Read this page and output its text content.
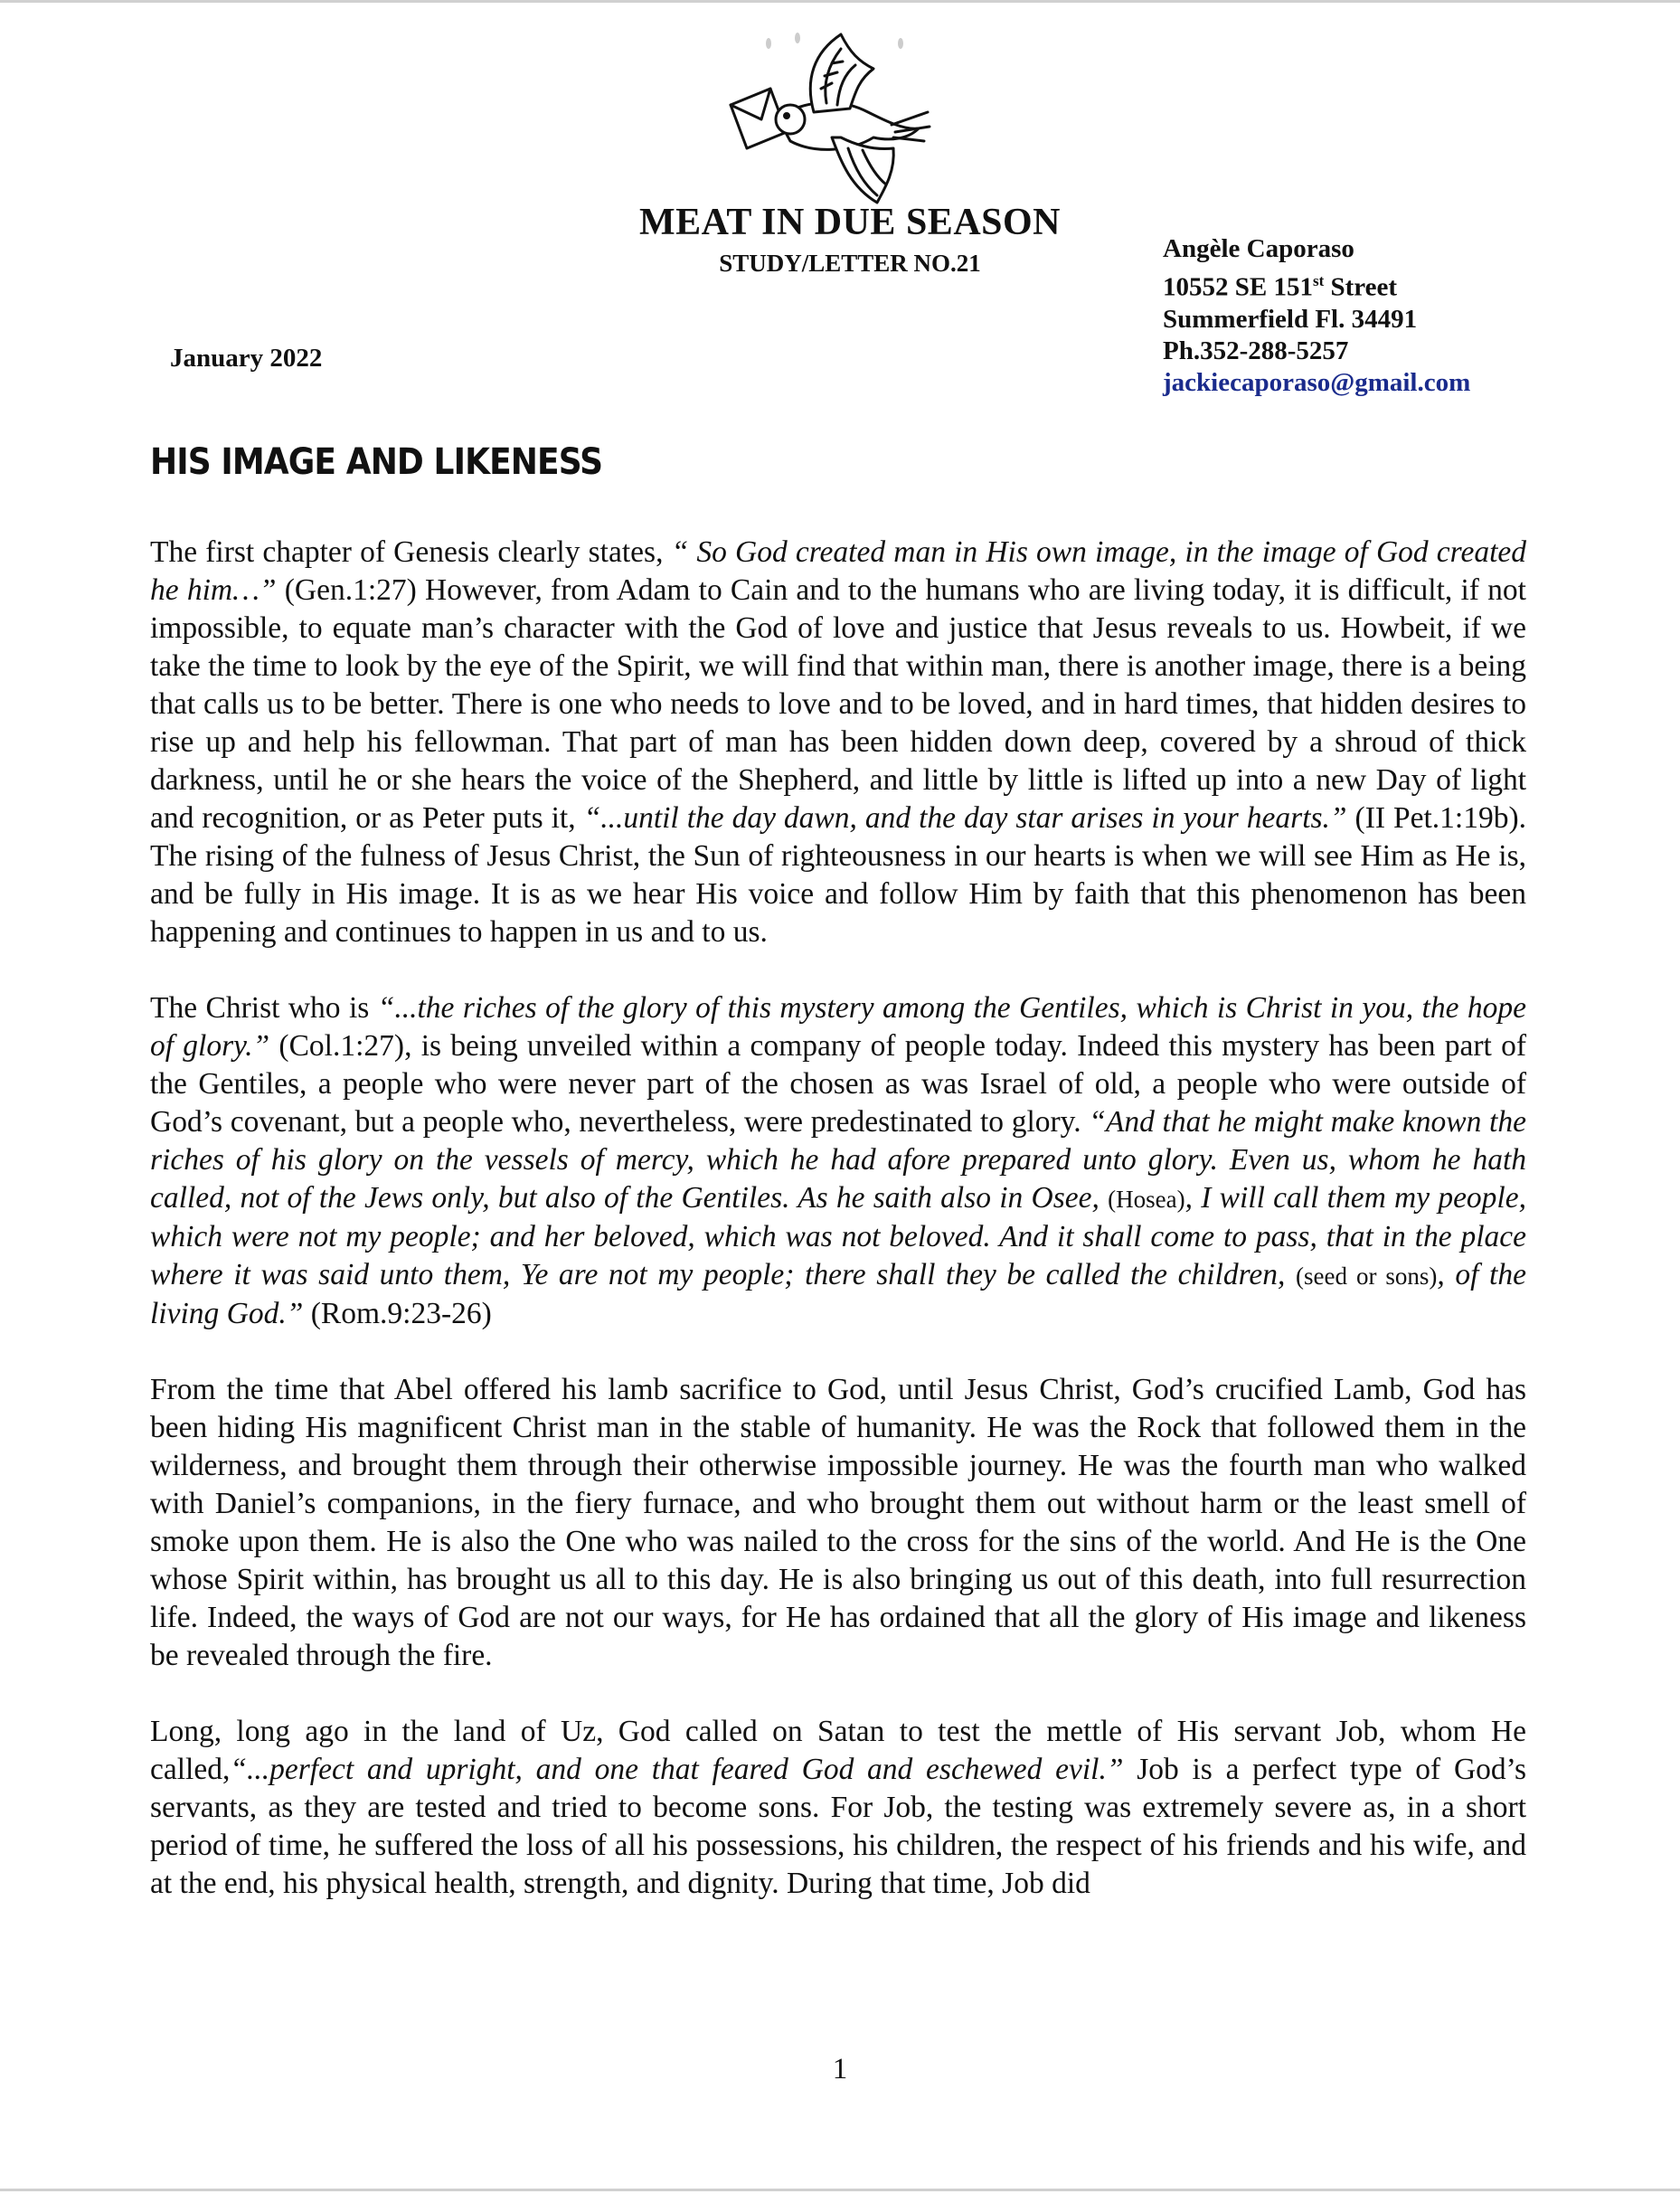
MEAT IN DUE SEASON
STUDY/LETTER NO.21
January 2022
Angèle Caporaso
10552 SE 151st Street
Summerfield Fl. 34491
Ph.352-288-5257
jackiecaporaso@gmail.com
HIS IMAGE AND LIKENESS

The first chapter of Genesis clearly states, “ So God created man in His own image, in the image of God created he him…” (Gen.1:27) However, from Adam to Cain and to the humans who are living today, it is difficult, if not impossible, to equate man’s character with the God of love and justice that Jesus reveals to us. Howbeit, if we take the time to look by the eye of the Spirit, we will find that within man, there is another image, there is a being that calls us to be better. There is one who needs to love and to be loved, and in hard times, that hidden desires to rise up and help his fellowman. That part of man has been hidden down deep, covered by a shroud of thick darkness, until he or she hears the voice of the Shepherd, and little by little is lifted up into a new Day of light and recognition, or as Peter puts it, “...until the day dawn, and the day star arises in your hearts.” (II Pet.1:19b). The rising of the fulness of Jesus Christ, the Sun of righteousness in our hearts is when we will see Him as He is, and be fully in His image. It is as we hear His voice and follow Him by faith that this phenomenon has been happening and continues to happen in us and to us.

The Christ who is “...the riches of the glory of this mystery among the Gentiles, which is Christ in you, the hope of glory.” (Col.1:27), is being unveiled within a company of people today. Indeed this mystery has been part of the Gentiles, a people who were never part of the chosen as was Israel of old, a people who were outside of God’s covenant, but a people who, nevertheless, were predestinated to glory. “And that he might make known the riches of his glory on the vessels of mercy, which he had afore prepared unto glory. Even us, whom he hath called, not of the Jews only, but also of the Gentiles. As he saith also in Osee, (Hosea), I will call them my people, which were not my people; and her beloved, which was not beloved. And it shall come to pass, that in the place where it was said unto them, Ye are not my people; there shall they be called the children, (seed or sons), of the living God.” (Rom.9:23-26)

From the time that Abel offered his lamb sacrifice to God, until Jesus Christ, God’s crucified Lamb, God has been hiding His magnificent Christ man in the stable of humanity. He was the Rock that followed them in the wilderness, and brought them through their otherwise impossible journey. He was the fourth man who walked with Daniel’s companions, in the fiery furnace, and who brought them out without harm or the least smell of smoke upon them. He is also the One who was nailed to the cross for the sins of the world. And He is the One whose Spirit within, has brought us all to this day. He is also bringing us out of this death, into full resurrection life. Indeed, the ways of God are not our ways, for He has ordained that all the glory of His image and likeness be revealed through the fire.

Long, long ago in the land of Uz, God called on Satan to test the mettle of His servant Job, whom He called,“...perfect and upright, and one that feared God and eschewed evil.” Job is a perfect type of God’s servants, as they are tested and tried to become sons. For Job, the testing was extremely severe as, in a short period of time, he suffered the loss of all his possessions, his children, the respect of his friends and his wife, and at the end, his physical health, strength, and dignity. During that time, Job did

1
